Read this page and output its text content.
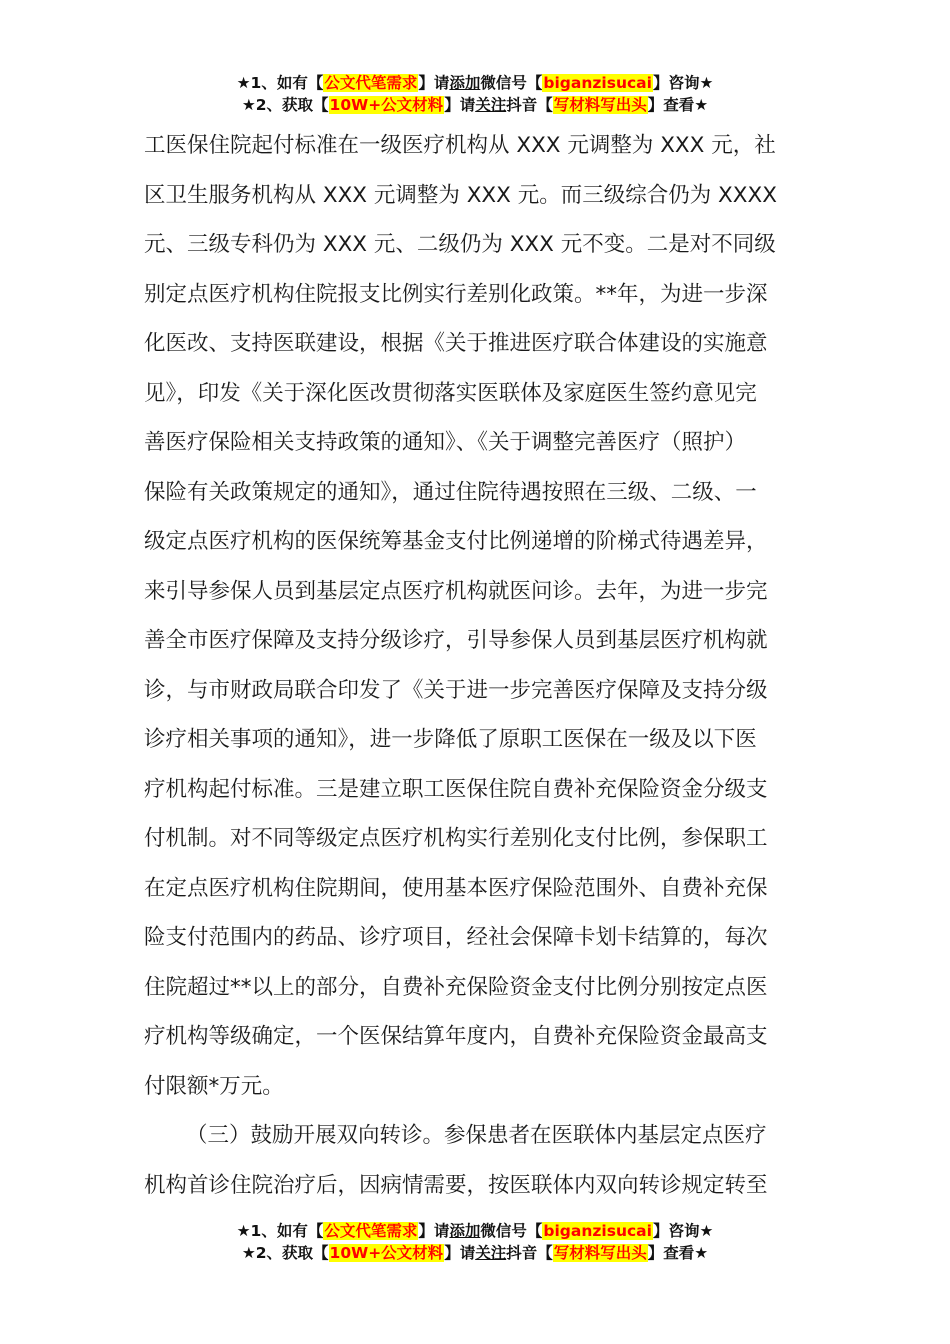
★1、如有【公文代笔需求】请添加微信号【biganzisucai】咨询★
★2、获取【10W+公文材料】请关注抖音【写材料写出头】查看★
工医保住院起付标准在一级医疗机构从 XXX 元调整为 XXX 元，社
区卫生服务机构从 XXX 元调整为 XXX 元。而三级综合仍为 XXXX
元、三级专科仍为 XXX 元、二级仍为 XXX 元不变。二是对不同级
别定点医疗机构住院报支比例实行差别化政策。**年，为进一步深
化医改、支持医联建设，根据《关于推进医疗联合体建设的实施意
见》，印发《关于深化医改贯彻落实医联体及家庭医生签约意见完
善医疗保险相关支持政策的通知》、《关于调整完善医疗（照护）
保险有关政策规定的通知》，通过住院待遇按照在三级、二级、一
级定点医疗机构的医保统筹基金支付比例递增的阶梯式待遇差异，
来引导参保人员到基层定点医疗机构就医问诊。去年，为进一步完
善全市医疗保障及支持分级诊疗，引导参保人员到基层医疗机构就
诊，与市财政局联合印发了《关于进一步完善医疗保障及支持分级
诊疗相关事项的通知》，进一步降低了原职工医保在一级及以下医
疗机构起付标准。三是建立职工医保住院自费补充保险资金分级支
付机制。对不同等级定点医疗机构实行差别化支付比例，参保职工
在定点医疗机构住院期间，使用基本医疗保险范围外、自费补充保
险支付范围内的药品、诊疗项目，经社会保障卡划卡结算的，每次
住院超过**以上的部分，自费补充保险资金支付比例分别按定点医
疗机构等级确定，一个医保结算年度内，自费补充保险资金最高支
付限额*万元。
（三）鼓励开展双向转诊。参保患者在医联体内基层定点医疗
机构首诊住院治疗后，因病情需要，按医联体内双向转诊规定转至
★1、如有【公文代笔需求】请添加微信号【biganzisucai】咨询★
★2、获取【10W+公文材料】请关注抖音【写材料写出头】查看★
